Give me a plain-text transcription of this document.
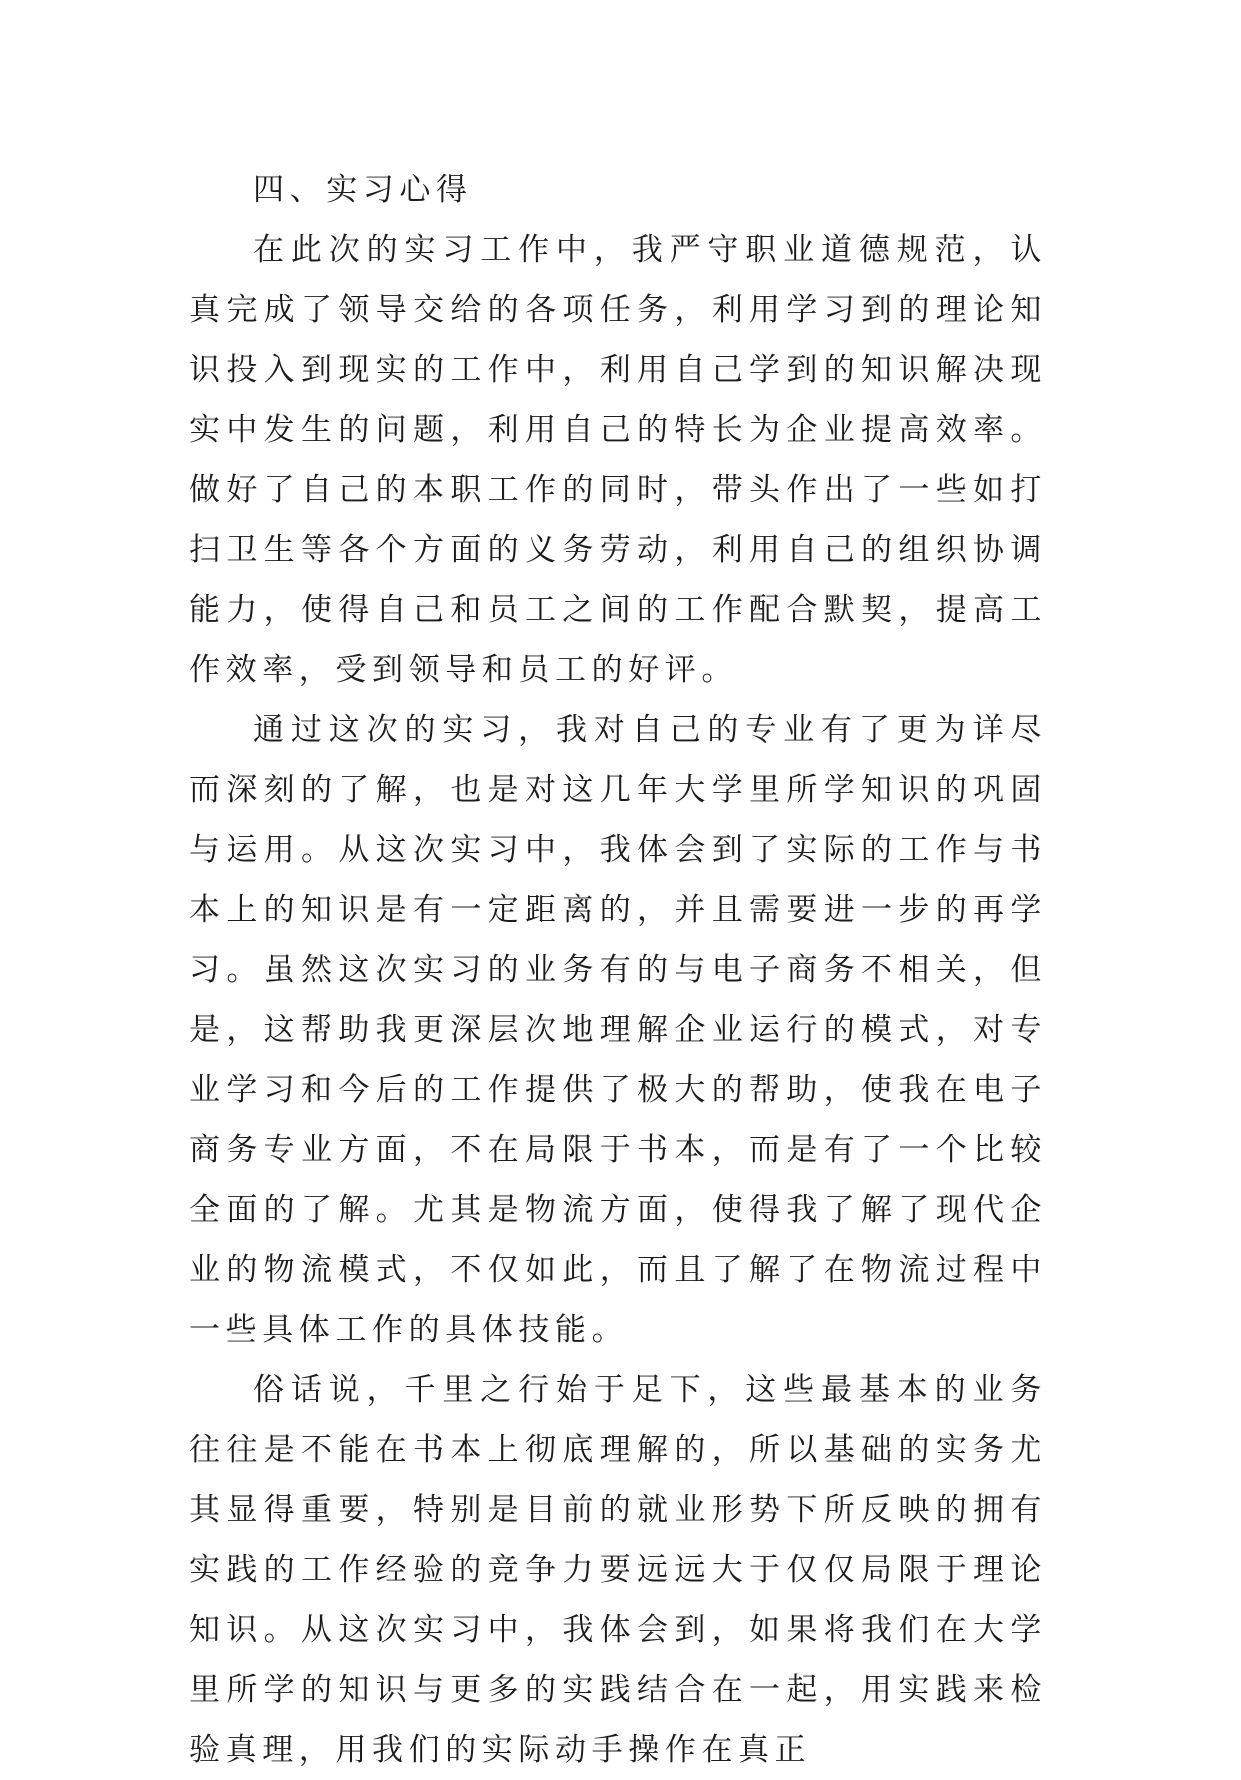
四、实习心得

在此次的实习工作中，我严守职业道德规范，认真完成了领导交给的各项任务，利用学习到的理论知识投入到现实的工作中，利用自己学到的知识解决现实中发生的问题，利用自己的特长为企业提高效率。做好了自己的本职工作的同时，带头作出了一些如打扫卫生等各个方面的义务劳动，利用自己的组织协调能力，使得自己和员工之间的工作配合默契，提高工作效率，受到领导和员工的好评。

通过这次的实习，我对自己的专业有了更为详尽而深刻的了解，也是对这几年大学里所学知识的巩固与运用。从这次实习中，我体会到了实际的工作与书本上的知识是有一定距离的，并且需要进一步的再学习。虽然这次实习的业务有的与电子商务不相关，但是，这帮助我更深层次地理解企业运行的模式，对专业学习和今后的工作提供了极大的帮助，使我在电子商务专业方面，不在局限于书本，而是有了一个比较全面的了解。尤其是物流方面，使得我了解了现代企业的物流模式，不仅如此，而且了解了在物流过程中一些具体工作的具体技能。

俗话说，千里之行始于足下，这些最基本的业务往往是不能在书本上彻底理解的，所以基础的实务尤其显得重要，特别是目前的就业形势下所反映的拥有实践的工作经验的竞争力要远远大于仅仅局限于理论知识。从这次实习中，我体会到，如果将我们在大学里所学的知识与更多的实践结合在一起，用实践来检验真理，用我们的实际动手操作在真正
